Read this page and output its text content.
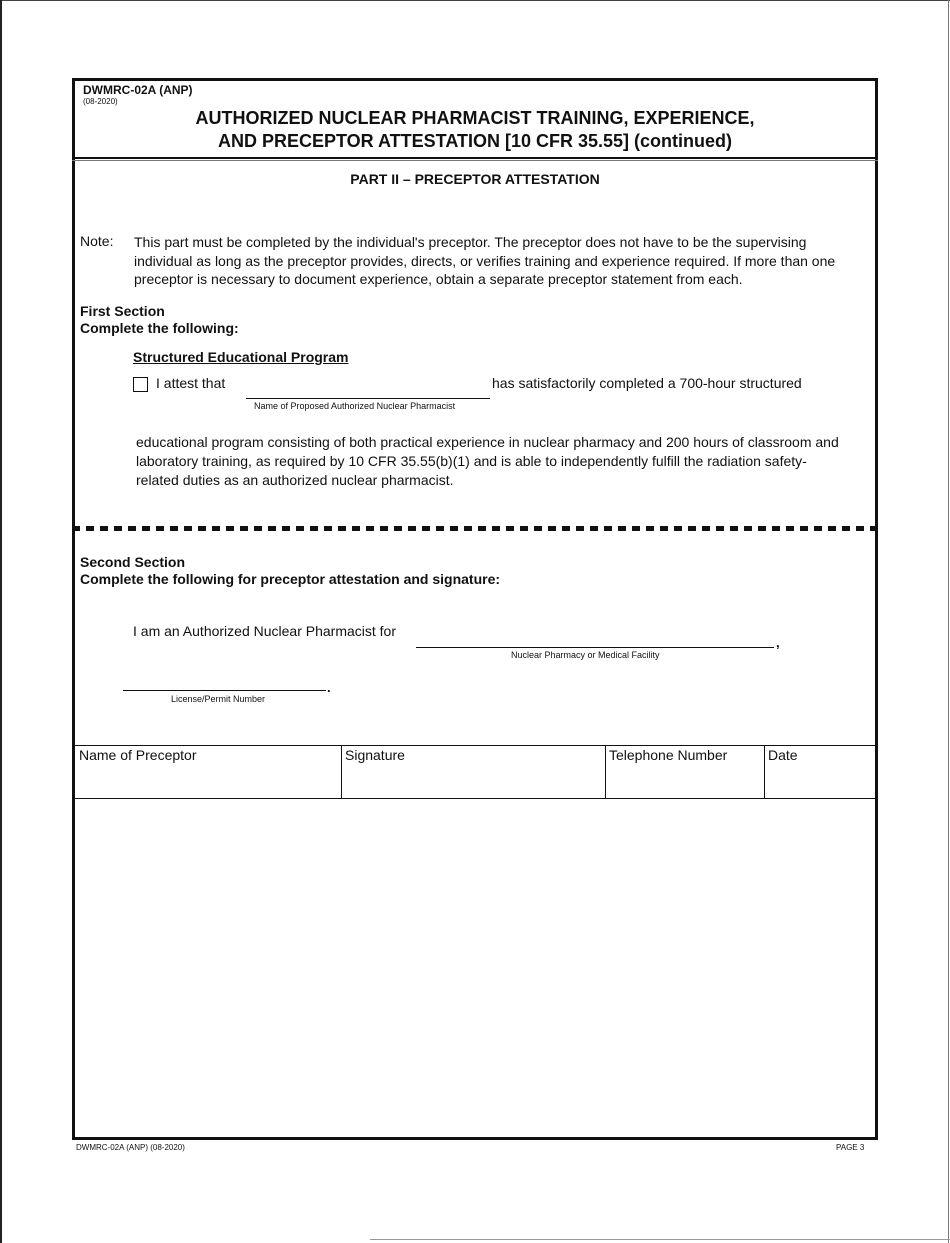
DWMRC-02A (ANP)
(08-2020)
AUTHORIZED NUCLEAR PHARMACIST TRAINING, EXPERIENCE,
AND PRECEPTOR ATTESTATION [10 CFR 35.55] (continued)
PART II – PRECEPTOR ATTESTATION
Note: This part must be completed by the individual's preceptor. The preceptor does not have to be the supervising individual as long as the preceptor provides, directs, or verifies training and experience required. If more than one preceptor is necessary to document experience, obtain a separate preceptor statement from each.
First Section
Complete the following:
Structured Educational Program
I attest that
Name of Proposed Authorized Nuclear Pharmacist
has satisfactorily completed a 700-hour structured
educational program consisting of both practical experience in nuclear pharmacy and 200 hours of classroom and laboratory training, as required by 10 CFR 35.55(b)(1) and is able to independently fulfill the radiation safety-related duties as an authorized nuclear pharmacist.
Second Section
Complete the following for preceptor attestation and signature:
I am an Authorized Nuclear Pharmacist for
,
Nuclear Pharmacy or Medical Facility
.
License/Permit Number
Name of Preceptor	Signature	Telephone Number	Date
DWMRC-02A (ANP) (08-2020)	PAGE 3
